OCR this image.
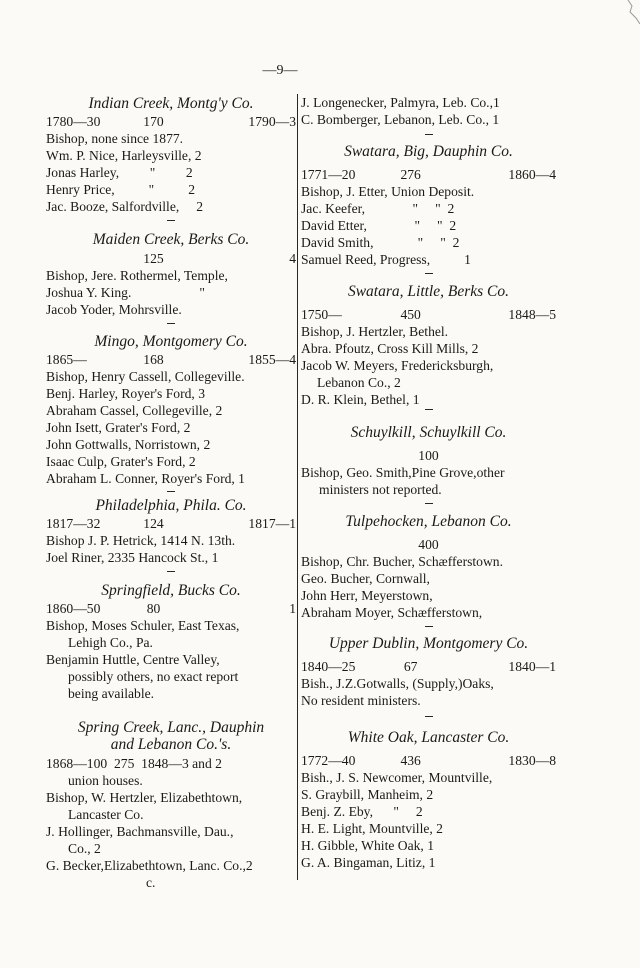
—9—
Indian Creek, Montg'y Co.
1780—30	170	1790—3
Bishop, none since 1877.
Wm. P. Nice, Harleysville, 2
Jonas Harley,         "         2
Henry Price,          "          2
Jac. Booze, Salfordville,     2
Maiden Creek, Berks Co.
125	4
Bishop, Jere. Rothermel, Temple,
Joshua Y. King.                    "
Jacob Yoder, Mohrsville.
Mingo, Montgomery Co.
1865—	168	1855—4
Bishop, Henry Cassell, Collegeville.
Benj. Harley, Royer's Ford, 3
Abraham Cassel, Collegeville, 2
John Isett, Grater's Ford, 2
John Gottwalls, Norristown, 2
Isaac Culp, Grater's Ford, 2
Abraham L. Conner, Royer's Ford, 1
Philadelphia, Phila. Co.
1817—32	124	1817—1
Bishop J. P. Hetrick, 1414 N. 13th.
Joel Riner, 2335 Hancock St., 1
Springfield, Bucks Co.
1860—50	80	1
Bishop, Moses Schuler, East Texas,
Lehigh Co., Pa.
Benjamin Huttle, Centre Valley,
possibly others, no exact report
being available.
Spring Creek, Lanc., Dauphin
and Lebanon Co.'s.
1868—100  275  1848—3 and 2
union houses.
Bishop, W. Hertzler, Elizabethtown,
Lancaster Co.
J. Hollinger, Bachmansville, Dau.,
Co., 2
G. Becker,Elizabethtown, Lanc. Co.,2
c.
J. Longenecker, Palmyra, Leb. Co.,1
C. Bomberger, Lebanon, Leb. Co., 1
Swatara, Big, Dauphin Co.
1771—20	276	1860—4
Bishop, J. Etter, Union Deposit.
Jac. Keefer,              "     "  2
David Etter,              "     "  2
David Smith,             "     "  2
Samuel Reed, Progress,          1
Swatara, Little, Berks Co.
1750—	450	1848—5
Bishop, J. Hertzler, Bethel.
Abra. Pfoutz, Cross Kill Mills, 2
Jacob W. Meyers, Fredericksburgh,
Lebanon Co., 2
D. R. Klein, Bethel, 1
Schuylkill, Schuylkill Co.
100
Bishop, Geo. Smith,Pine Grove,other
ministers not reported.
Tulpehocken, Lebanon Co.
400
Bishop, Chr. Bucher, Schæfferstown.
Geo. Bucher, Cornwall,
John Herr, Meyerstown,
Abraham Moyer, Schæfferstown,
Upper Dublin, Montgomery Co.
1840—25	67	1840—1
Bish., J.Z.Gotwalls, (Supply,)Oaks,
No resident ministers.
White Oak, Lancaster Co.
1772—40	436	1830—8
Bish., J. S. Newcomer, Mountville,
S. Graybill, Manheim, 2
Benj. Z. Eby,      "     2
H. E. Light, Mountville, 2
H. Gibble, White Oak, 1
G. A. Bingaman, Litiz, 1
